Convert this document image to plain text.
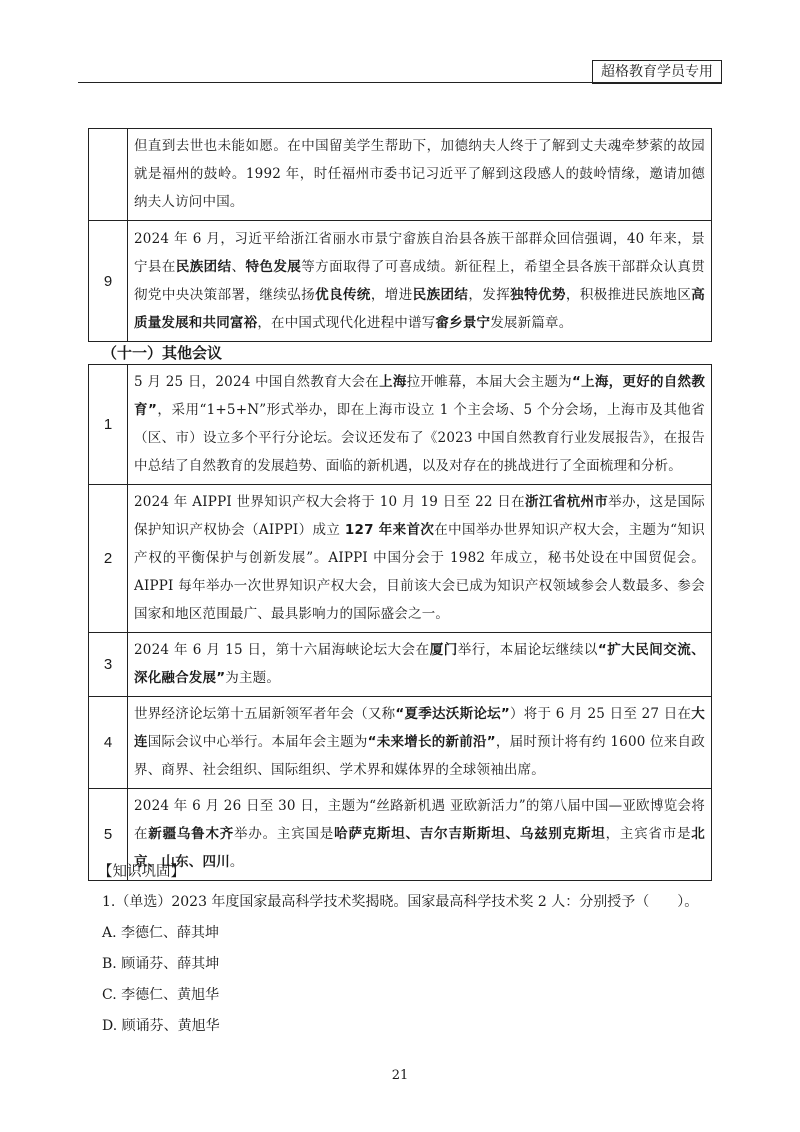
超格教育学员专用
	但直到去世也未能如愿。在中国留美学生帮助下，加德纳夫人终于了解到丈夫魂牵梦萦的故园就是福州的鼓岭。1992 年，时任福州市委书记习近平了解到这段感人的鼓岭情缘，邀请加德纳夫人访问中国。
9	2024 年 6 月，习近平给浙江省丽水市景宁畲族自治县各族干部群众回信强调，40 年来，景宁县在民族团结、特色发展等方面取得了可喜成绩。新征程上，希望全县各族干部群众认真贯彻党中央决策部署，继续弘扬优良传统，增进民族团结，发挥独特优势，积极推进民族地区高质量发展和共同富裕，在中国式现代化进程中谱写畲乡景宁发展新篇章。
（十一）其他会议
1	5 月 25 日，2024 中国自然教育大会在上海拉开帷幕，本届大会主题为“上海，更好的自然教育”，采用“1+5+N”形式举办，即在上海市设立 1 个主会场、5 个分会场，上海市及其他省（区、市）设立多个平行分论坛。会议还发布了《2023 中国自然教育行业发展报告》，在报告中总结了自然教育的发展趋势、面临的新机遇，以及对存在的挑战进行了全面梳理和分析。
2	2024 年 AIPPI 世界知识产权大会将于 10 月 19 日至 22 日在浙江省杭州市举办，这是国际保护知识产权协会（AIPPI）成立 127 年来首次在中国举办世界知识产权大会，主题为“知识产权的平衡保护与创新发展”。AIPPI 中国分会于 1982 年成立，秘书处设在中国贸促会。AIPPI 每年举办一次世界知识产权大会，目前该大会已成为知识产权领域参会人数最多、参会国家和地区范围最广、最具影响力的国际盛会之一。
3	2024 年 6 月 15 日，第十六届海峡论坛大会在厦门举行，本届论坛继续以“扩大民间交流、深化融合发展”为主题。
4	世界经济论坛第十五届新领军者年会（又称“夏季达沃斯论坛”）将于 6 月 25 日至 27 日在大连国际会议中心举行。本届年会主题为“未来增长的新前沿”，届时预计将有约 1600 位来自政界、商界、社会组织、国际组织、学术界和媒体界的全球领袖出席。
5	2024 年 6 月 26 日至 30 日，主题为“丝路新机遇 亚欧新活力”的第八届中国—亚欧博览会将在新疆乌鲁木齐举办。主宾国是哈萨克斯坦、吉尔吉斯斯坦、乌兹别克斯坦，主宾省市是北京、山东、四川。
【知识巩固】
1.（单选）2023 年度国家最高科学技术奖揭晓。国家最高科学技术奖 2 人：分别授予（　　）。
A. 李德仁、薛其坤
B. 顾诵芬、薛其坤
C. 李德仁、黄旭华
D. 顾诵芬、黄旭华
21
